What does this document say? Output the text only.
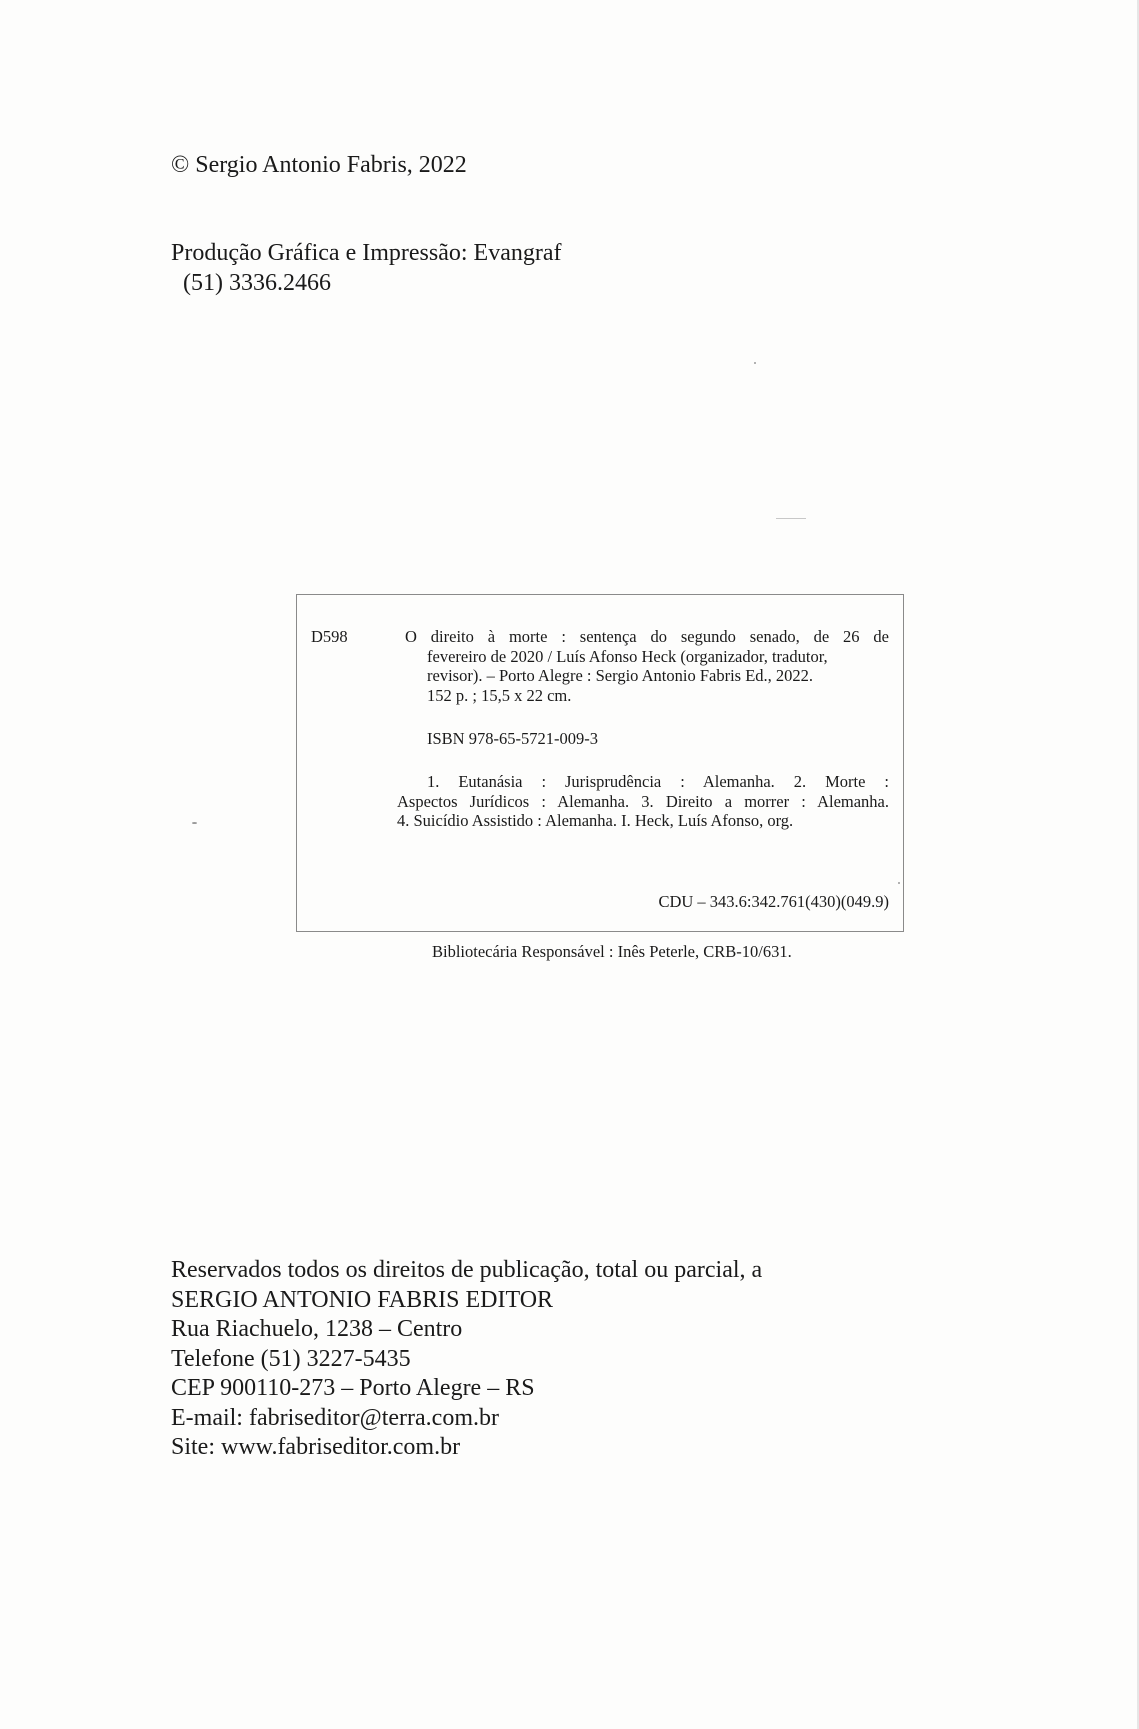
© Sergio Antonio Fabris, 2022
Produção Gráfica e Impressão: Evangraf
(51) 3336.2466
D598	O direito à morte : sentença do segundo senado, de 26 de
fevereiro de 2020 / Luís Afonso Heck (organizador, tradutor,
revisor). – Porto Alegre : Sergio Antonio Fabris Ed., 2022.
152 p. ; 15,5 x 22 cm.
ISBN 978-65-5721-009-3
1. Eutanásia : Jurisprudência : Alemanha. 2. Morte :
Aspectos Jurídicos : Alemanha. 3. Direito a morrer : Alemanha.
4. Suicídio Assistido : Alemanha. I. Heck, Luís Afonso, org.
CDU – 343.6:342.761(430)(049.9)
Bibliotecária Responsável : Inês Peterle, CRB-10/631.
Reservados todos os direitos de publicação, total ou parcial, a
SERGIO ANTONIO FABRIS EDITOR
Rua Riachuelo, 1238 – Centro
Telefone (51) 3227-5435
CEP 900110-273 – Porto Alegre – RS
E-mail: fabriseditor@terra.com.br
Site: www.fabriseditor.com.br
